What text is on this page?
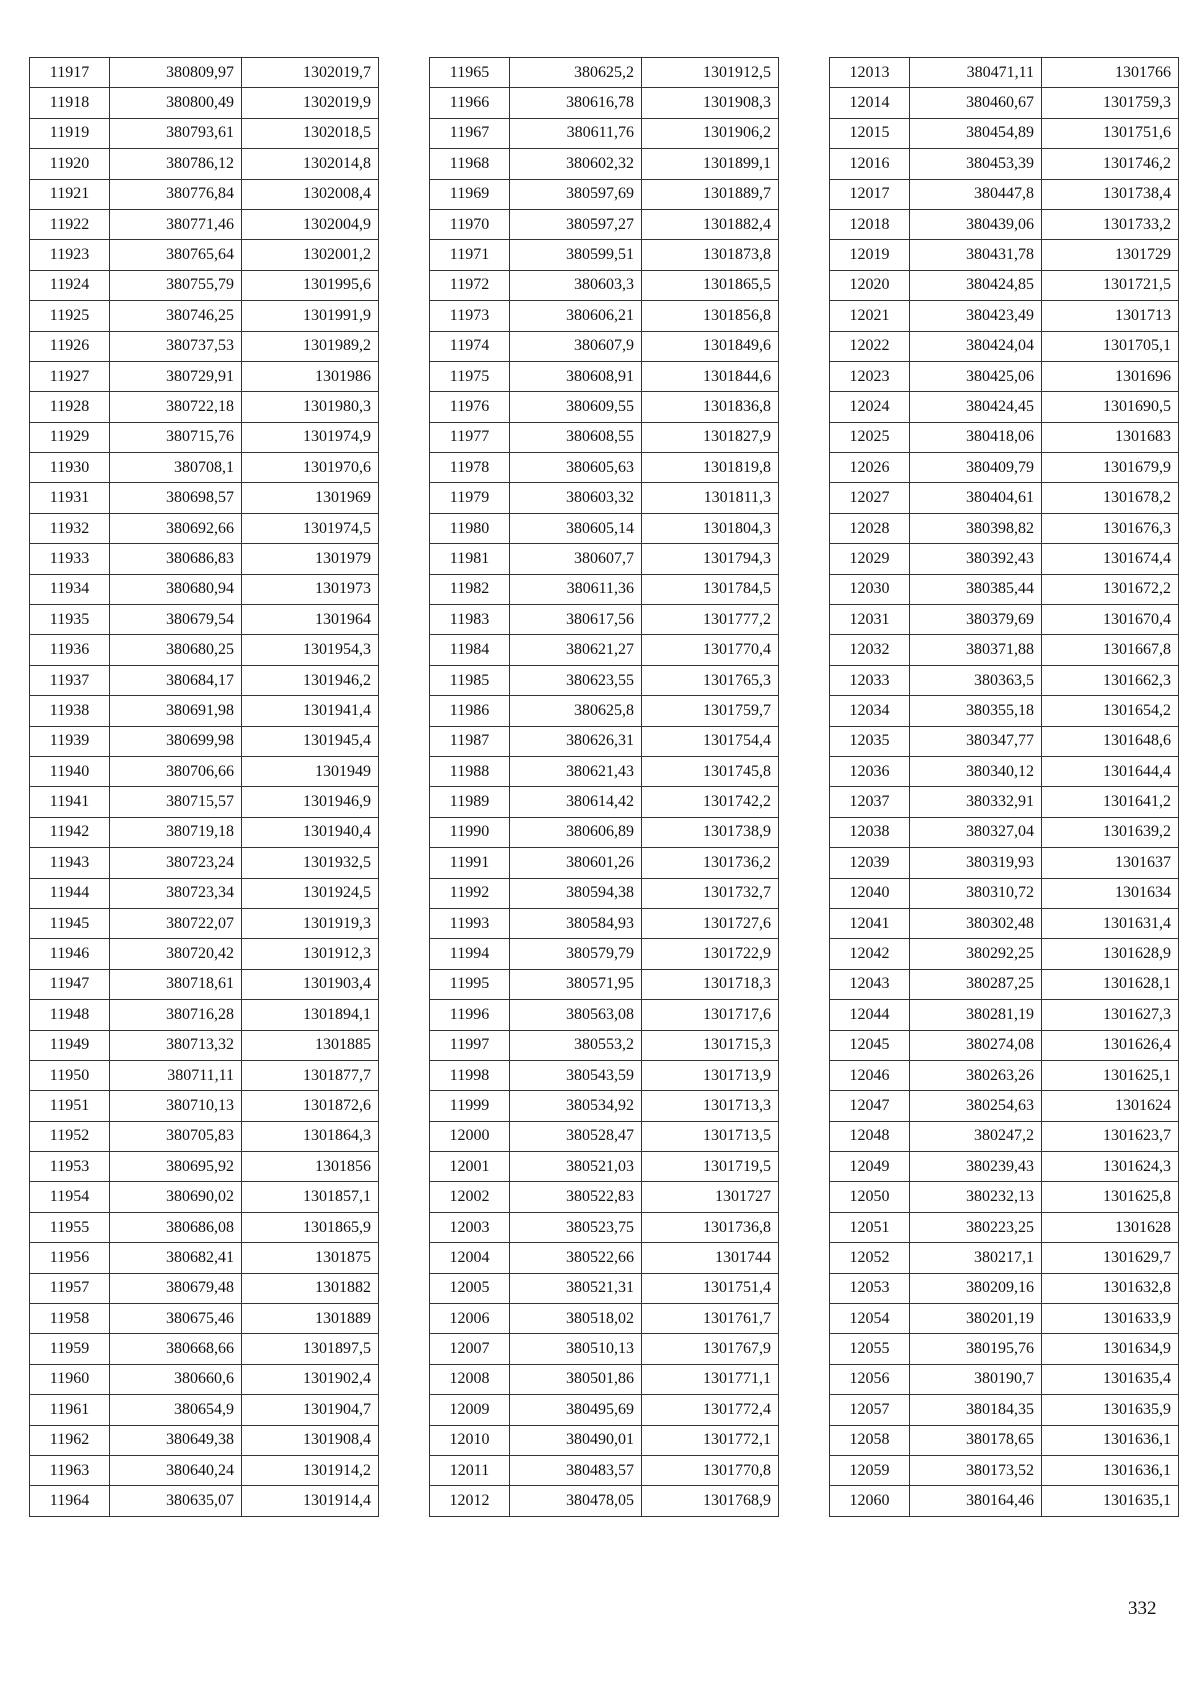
11917	380809,97	1302019,7
11918	380800,49	1302019,9
11919	380793,61	1302018,5
11920	380786,12	1302014,8
11921	380776,84	1302008,4
11922	380771,46	1302004,9
11923	380765,64	1302001,2
11924	380755,79	1301995,6
11925	380746,25	1301991,9
11926	380737,53	1301989,2
11927	380729,91	1301986
11928	380722,18	1301980,3
11929	380715,76	1301974,9
11930	380708,1	1301970,6
11931	380698,57	1301969
11932	380692,66	1301974,5
11933	380686,83	1301979
11934	380680,94	1301973
11935	380679,54	1301964
11936	380680,25	1301954,3
11937	380684,17	1301946,2
11938	380691,98	1301941,4
11939	380699,98	1301945,4
11940	380706,66	1301949
11941	380715,57	1301946,9
11942	380719,18	1301940,4
11943	380723,24	1301932,5
11944	380723,34	1301924,5
11945	380722,07	1301919,3
11946	380720,42	1301912,3
11947	380718,61	1301903,4
11948	380716,28	1301894,1
11949	380713,32	1301885
11950	380711,11	1301877,7
11951	380710,13	1301872,6
11952	380705,83	1301864,3
11953	380695,92	1301856
11954	380690,02	1301857,1
11955	380686,08	1301865,9
11956	380682,41	1301875
11957	380679,48	1301882
11958	380675,46	1301889
11959	380668,66	1301897,5
11960	380660,6	1301902,4
11961	380654,9	1301904,7
11962	380649,38	1301908,4
11963	380640,24	1301914,2
11964	380635,07	1301914,4
11965	380625,2	1301912,5
11966	380616,78	1301908,3
11967	380611,76	1301906,2
11968	380602,32	1301899,1
11969	380597,69	1301889,7
11970	380597,27	1301882,4
11971	380599,51	1301873,8
11972	380603,3	1301865,5
11973	380606,21	1301856,8
11974	380607,9	1301849,6
11975	380608,91	1301844,6
11976	380609,55	1301836,8
11977	380608,55	1301827,9
11978	380605,63	1301819,8
11979	380603,32	1301811,3
11980	380605,14	1301804,3
11981	380607,7	1301794,3
11982	380611,36	1301784,5
11983	380617,56	1301777,2
11984	380621,27	1301770,4
11985	380623,55	1301765,3
11986	380625,8	1301759,7
11987	380626,31	1301754,4
11988	380621,43	1301745,8
11989	380614,42	1301742,2
11990	380606,89	1301738,9
11991	380601,26	1301736,2
11992	380594,38	1301732,7
11993	380584,93	1301727,6
11994	380579,79	1301722,9
11995	380571,95	1301718,3
11996	380563,08	1301717,6
11997	380553,2	1301715,3
11998	380543,59	1301713,9
11999	380534,92	1301713,3
12000	380528,47	1301713,5
12001	380521,03	1301719,5
12002	380522,83	1301727
12003	380523,75	1301736,8
12004	380522,66	1301744
12005	380521,31	1301751,4
12006	380518,02	1301761,7
12007	380510,13	1301767,9
12008	380501,86	1301771,1
12009	380495,69	1301772,4
12010	380490,01	1301772,1
12011	380483,57	1301770,8
12012	380478,05	1301768,9
12013	380471,11	1301766
12014	380460,67	1301759,3
12015	380454,89	1301751,6
12016	380453,39	1301746,2
12017	380447,8	1301738,4
12018	380439,06	1301733,2
12019	380431,78	1301729
12020	380424,85	1301721,5
12021	380423,49	1301713
12022	380424,04	1301705,1
12023	380425,06	1301696
12024	380424,45	1301690,5
12025	380418,06	1301683
12026	380409,79	1301679,9
12027	380404,61	1301678,2
12028	380398,82	1301676,3
12029	380392,43	1301674,4
12030	380385,44	1301672,2
12031	380379,69	1301670,4
12032	380371,88	1301667,8
12033	380363,5	1301662,3
12034	380355,18	1301654,2
12035	380347,77	1301648,6
12036	380340,12	1301644,4
12037	380332,91	1301641,2
12038	380327,04	1301639,2
12039	380319,93	1301637
12040	380310,72	1301634
12041	380302,48	1301631,4
12042	380292,25	1301628,9
12043	380287,25	1301628,1
12044	380281,19	1301627,3
12045	380274,08	1301626,4
12046	380263,26	1301625,1
12047	380254,63	1301624
12048	380247,2	1301623,7
12049	380239,43	1301624,3
12050	380232,13	1301625,8
12051	380223,25	1301628
12052	380217,1	1301629,7
12053	380209,16	1301632,8
12054	380201,19	1301633,9
12055	380195,76	1301634,9
12056	380190,7	1301635,4
12057	380184,35	1301635,9
12058	380178,65	1301636,1
12059	380173,52	1301636,1
12060	380164,46	1301635,1
332
